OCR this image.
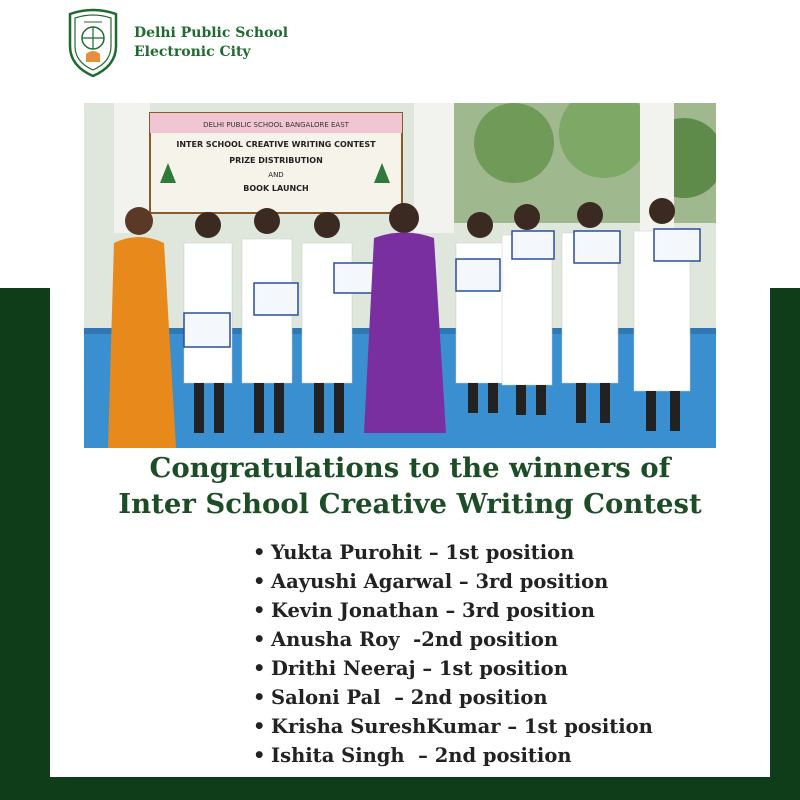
Delhi Public School
Electronic City
DELHI PUBLIC SCHOOL BANGALORE EAST
INTER SCHOOL CREATIVE WRITING CONTEST
PRIZE DISTRIBUTION
AND
BOOK LAUNCH
Congratulations to the winners of
Inter School Creative Writing Contest
• Yukta Purohit – 1st position
• Aayushi Agarwal – 3rd position
• Kevin Jonathan – 3rd position
• Anusha Roy  -2nd position
• Drithi Neeraj – 1st position
• Saloni Pal  – 2nd position
• Krisha SureshKumar – 1st position
• Ishita Singh  – 2nd position
